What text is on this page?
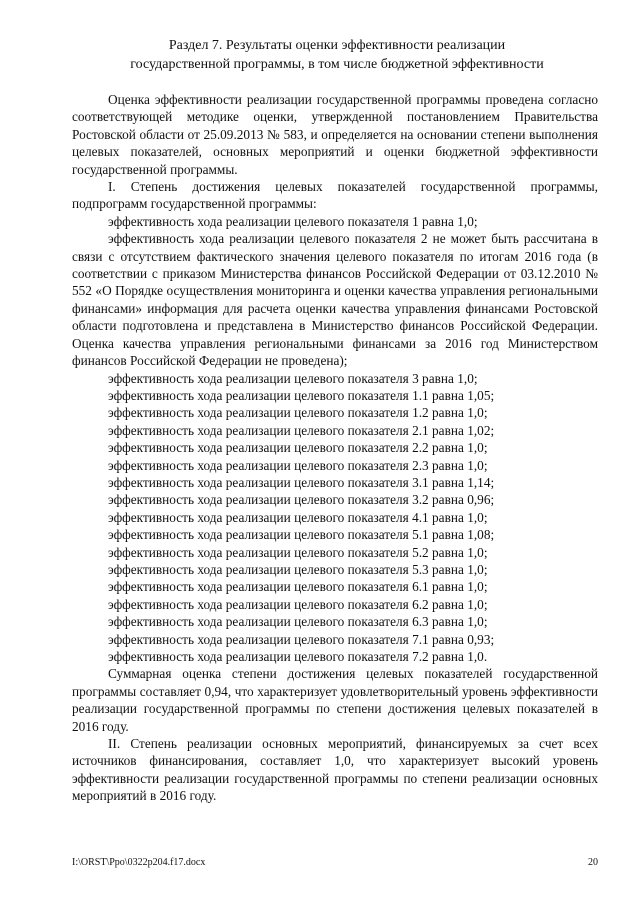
Раздел 7. Результаты оценки эффективности реализации
государственной программы, в том числе бюджетной эффективности

Оценка эффективности реализации государственной программы проведена согласно соответствующей методике оценки, утвержденной постановлением Правительства Ростовской области от 25.09.2013 № 583, и определяется на основании степени выполнения целевых показателей, основных мероприятий и оценки бюджетной эффективности государственной программы.

I. Степень достижения целевых показателей государственной программы, подпрограмм государственной программы:

эффективность хода реализации целевого показателя 1 равна 1,0;

эффективность хода реализации целевого показателя 2 не может быть рассчитана в связи с отсутствием фактического значения целевого показателя по итогам 2016 года (в соответствии с приказом Министерства финансов Российской Федерации от 03.12.2010 № 552 «О Порядке осуществления мониторинга и оценки качества управления региональными финансами» информация для расчета оценки качества управления финансами Ростовской области подготовлена и представлена в Министерство финансов Российской Федерации. Оценка качества управления региональными финансами за 2016 год Министерством финансов Российской Федерации не проведена);

эффективность хода реализации целевого показателя 3 равна 1,0;

эффективность хода реализации целевого показателя 1.1 равна 1,05;

эффективность хода реализации целевого показателя 1.2 равна 1,0;

эффективность хода реализации целевого показателя 2.1 равна 1,02;

эффективность хода реализации целевого показателя 2.2 равна 1,0;

эффективность хода реализации целевого показателя 2.3 равна 1,0;

эффективность хода реализации целевого показателя 3.1 равна 1,14;

эффективность хода реализации целевого показателя 3.2 равна 0,96;

эффективность хода реализации целевого показателя 4.1 равна 1,0;

эффективность хода реализации целевого показателя 5.1 равна 1,08;

эффективность хода реализации целевого показателя 5.2 равна 1,0;

эффективность хода реализации целевого показателя 5.3 равна 1,0;

эффективность хода реализации целевого показателя 6.1 равна 1,0;

эффективность хода реализации целевого показателя 6.2 равна 1,0;

эффективность хода реализации целевого показателя 6.3 равна 1,0;

эффективность хода реализации целевого показателя 7.1 равна 0,93;

эффективность хода реализации целевого показателя 7.2 равна 1,0.

Суммарная оценка степени достижения целевых показателей государственной программы составляет 0,94, что характеризует удовлетворительный уровень эффективности реализации государственной программы по степени достижения целевых показателей в 2016 году.

II. Степень реализации основных мероприятий, финансируемых за счет всех источников финансирования, составляет 1,0, что характеризует высокий уровень эффективности реализации государственной программы по степени реализации основных мероприятий в 2016 году.

I:\ORST\Ppo\0322p204.f17.docx	20
